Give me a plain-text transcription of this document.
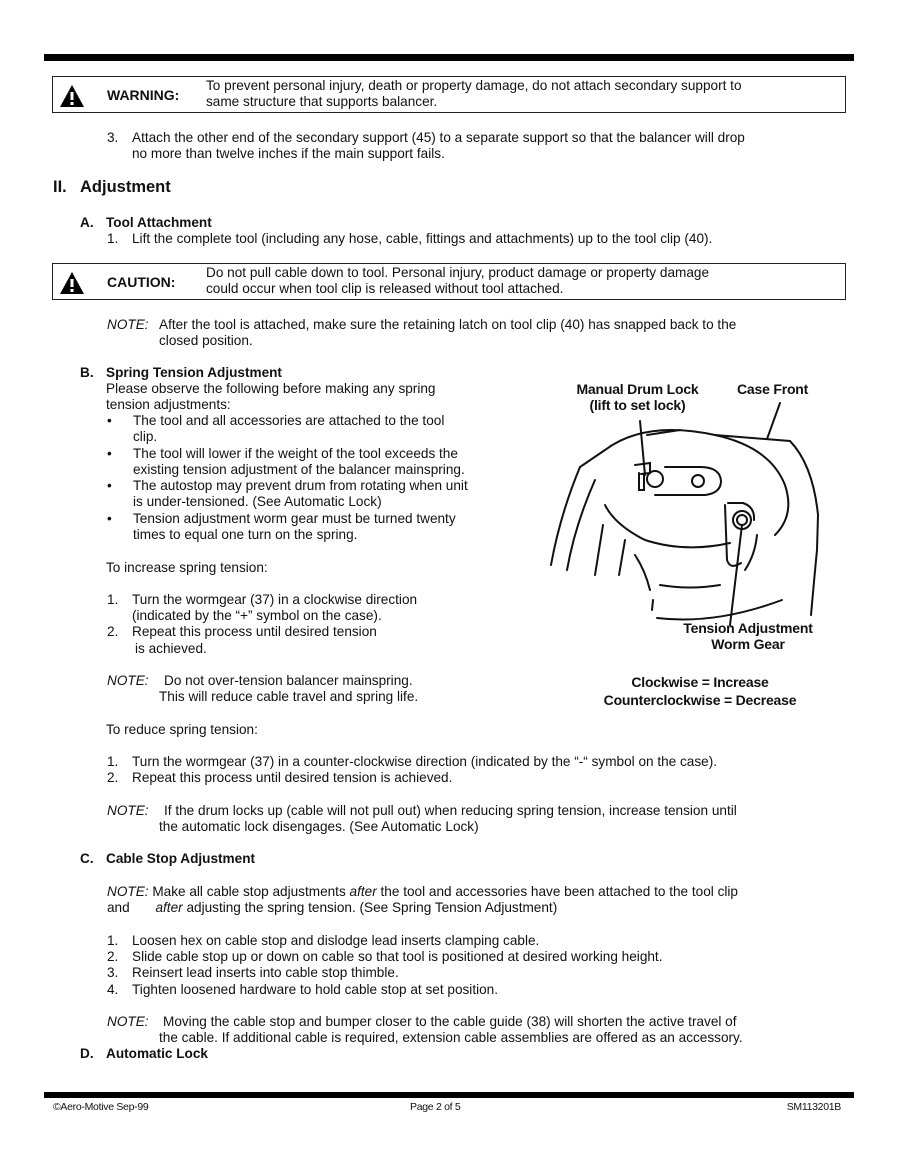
WARNING:
To prevent personal injury, death or property damage, do not attach secondary support to
same structure that supports balancer.
3. Attach the other end of the secondary support (45) to a separate support so that the balancer will drop
no more than twelve inches if the main support fails.
II. Adjustment
A. Tool Attachment
1. Lift the complete tool (including any hose, cable, fittings and attachments) up to the tool clip (40).
CAUTION:
Do not pull cable down to tool. Personal injury, product damage or property damage
could occur when tool clip is released without tool attached.
NOTE: After the tool is attached, make sure the retaining latch on tool clip (40) has snapped back to the
closed position.
B. Spring Tension Adjustment
Please observe the following before making any spring
tension adjustments:
• The tool and all accessories are attached to the tool
clip.
• The tool will lower if the weight of the tool exceeds the
existing tension adjustment of the balancer mainspring.
• The autostop may prevent drum from rotating when unit
is under-tensioned. (See Automatic Lock)
• Tension adjustment worm gear must be turned twenty
times to equal one turn on the spring.
To increase spring tension:
1. Turn the wormgear (37) in a clockwise direction
(indicated by the “+” symbol on the case).
2. Repeat this process until desired tension
is achieved.
NOTE: Do not over-tension balancer mainspring.
This will reduce cable travel and spring life.
To reduce spring tension:
1. Turn the wormgear (37) in a counter-clockwise direction (indicated by the “-“ symbol on the case).
2. Repeat this process until desired tension is achieved.
NOTE: If the drum locks up (cable will not pull out) when reducing spring tension, increase tension until
the automatic lock disengages. (See Automatic Lock)
Manual Drum Lock
(lift to set lock)
Case Front
Tension Adjustment
Worm Gear
Clockwise = Increase
Counterclockwise = Decrease
C. Cable Stop Adjustment
NOTE: Make all cable stop adjustments after the tool and accessories have been attached to the tool clip
and after adjusting the spring tension. (See Spring Tension Adjustment)
1. Loosen hex on cable stop and dislodge lead inserts clamping cable.
2. Slide cable stop up or down on cable so that tool is positioned at desired working height.
3. Reinsert lead inserts into cable stop thimble.
4. Tighten loosened hardware to hold cable stop at set position.
NOTE: Moving the cable stop and bumper closer to the cable guide (38) will shorten the active travel of
the cable. If additional cable is required, extension cable assemblies are offered as an accessory.
D. Automatic Lock
©Aero-Motive Sep-99	Page 2 of 5	SM113201B
